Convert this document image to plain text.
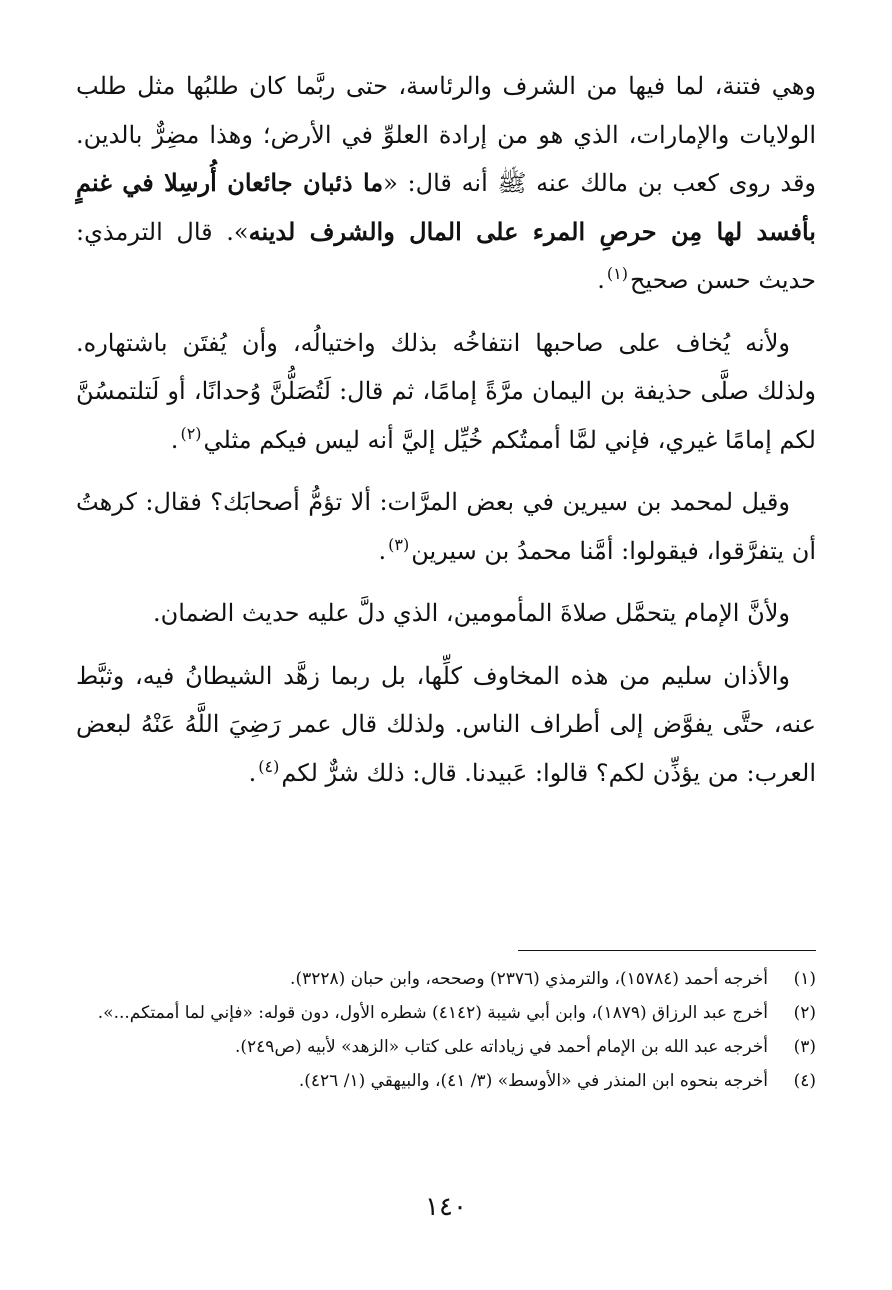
وهي فتنة، لما فيها من الشرف والرئاسة، حتى ربَّما كان طلبُها مثل طلب الولايات والإمارات، الذي هو من إرادة العلوِّ في الأرض؛ وهذا مضِرٌّ بالدين. وقد روى كعب بن مالك عنه ﷺ أنه قال: «ما ذئبان جائعان أُرسِلا في غنمٍ بأفسد لها مِن حرصِ المرء على المال والشرف لدينه». قال الترمذي: حديث حسن صحيح$^{(١)}$.

ولأنه يُخاف على صاحبها انتفاخُه بذلك واختيالُه، وأن يُفتَن باشتهاره. ولذلك صلَّى حذيفة بن اليمان مرَّةً إمامًا، ثم قال: لَتُصَلُّنَّ وُحدانًا، أو لَتلتمسُنَّ لكم إمامًا غيري، فإني لمَّا أممتُكم خُيِّل إليَّ أنه ليس فيكم مثلي$^{(٢)}$.

وقيل لمحمد بن سيرين في بعض المرَّات: ألا تؤمُّ أصحابَك؟ فقال: كرهتُ أن يتفرَّقوا، فيقولوا: أمَّنا محمدُ بن سيرين$^{(٣)}$.

ولأنَّ الإمام يتحمَّل صلاةَ المأمومين، الذي دلَّ عليه حديث الضمان.

والأذان سليم من هذه المخاوف كلِّها، بل ربما زهَّد الشيطانُ فيه، وثبَّط عنه، حتَّى يفوَّض إلى أطراف الناس. ولذلك قال عمر رَضِيَ اللَّهُ عَنْهُ لبعض العرب: من يؤذِّن لكم؟ قالوا: عَبيدنا. قال: ذلك شرٌّ لكم$^{(٤)}$.

(١)
أخرجه أحمد (١٥٧٨٤)، والترمذي (٢٣٧٦) وصححه، وابن حبان (٣٢٢٨).
(٢)
أخرج عبد الرزاق (١٨٧٩)، وابن أبي شيبة (٤١٤٢) شطره الأول، دون قوله: «فإني لما أممتكم...».
(٣)
أخرجه عبد الله بن الإمام أحمد في زياداته على كتاب «الزهد» لأبيه (ص٢٤٩).
(٤)
أخرجه بنحوه ابن المنذر في «الأوسط» (٣/ ٤١)، والبيهقي (١/ ٤٢٦).
١٤٠
